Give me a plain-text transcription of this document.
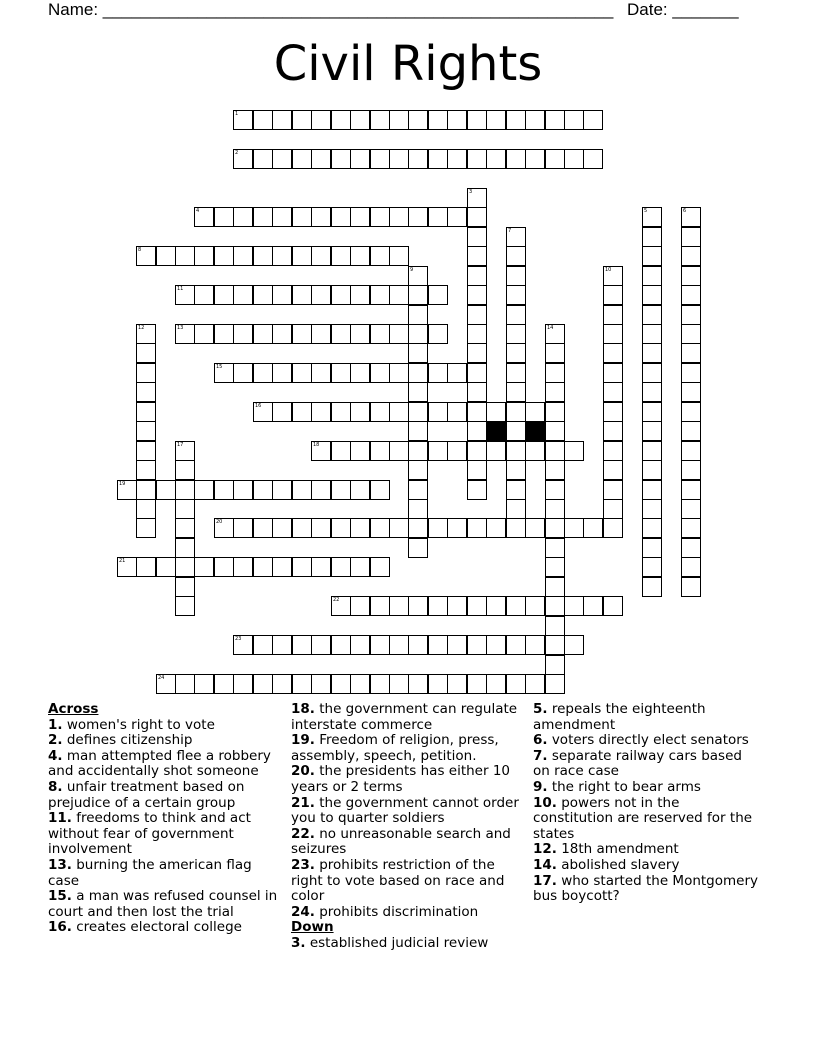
Name: ______________________________________________________ Date: _______
Civil Rights
1
2
4
8
11
13
15
16
18
19
20
21
22
23
24
3
5	6
7
9	10
12	14
17
Across
1. women's right to vote
2. defines citizenship
4. man attempted flee a robbery and accidentally shot someone
8. unfair treatment based on prejudice of a certain group
11. freedoms to think and act without fear of government involvement
13. burning the american flag case
15. a man was refused counsel in court and then lost the trial
16. creates electoral college
18. the government can regulate interstate commerce
19. Freedom of religion, press, assembly, speech, petition.
20. the presidents has either 10 years or 2 terms
21. the government cannot order you to quarter soldiers
22. no unreasonable search and seizures
23. prohibits restriction of the right to vote based on race and color
24. prohibits discrimination
Down
3. established judicial review
5. repeals the eighteenth amendment
6. voters directly elect senators
7. separate railway cars based on race case
9. the right to bear arms
10. powers not in the constitution are reserved for the states
12. 18th amendment
14. abolished slavery
17. who started the Montgomery bus boycott?
